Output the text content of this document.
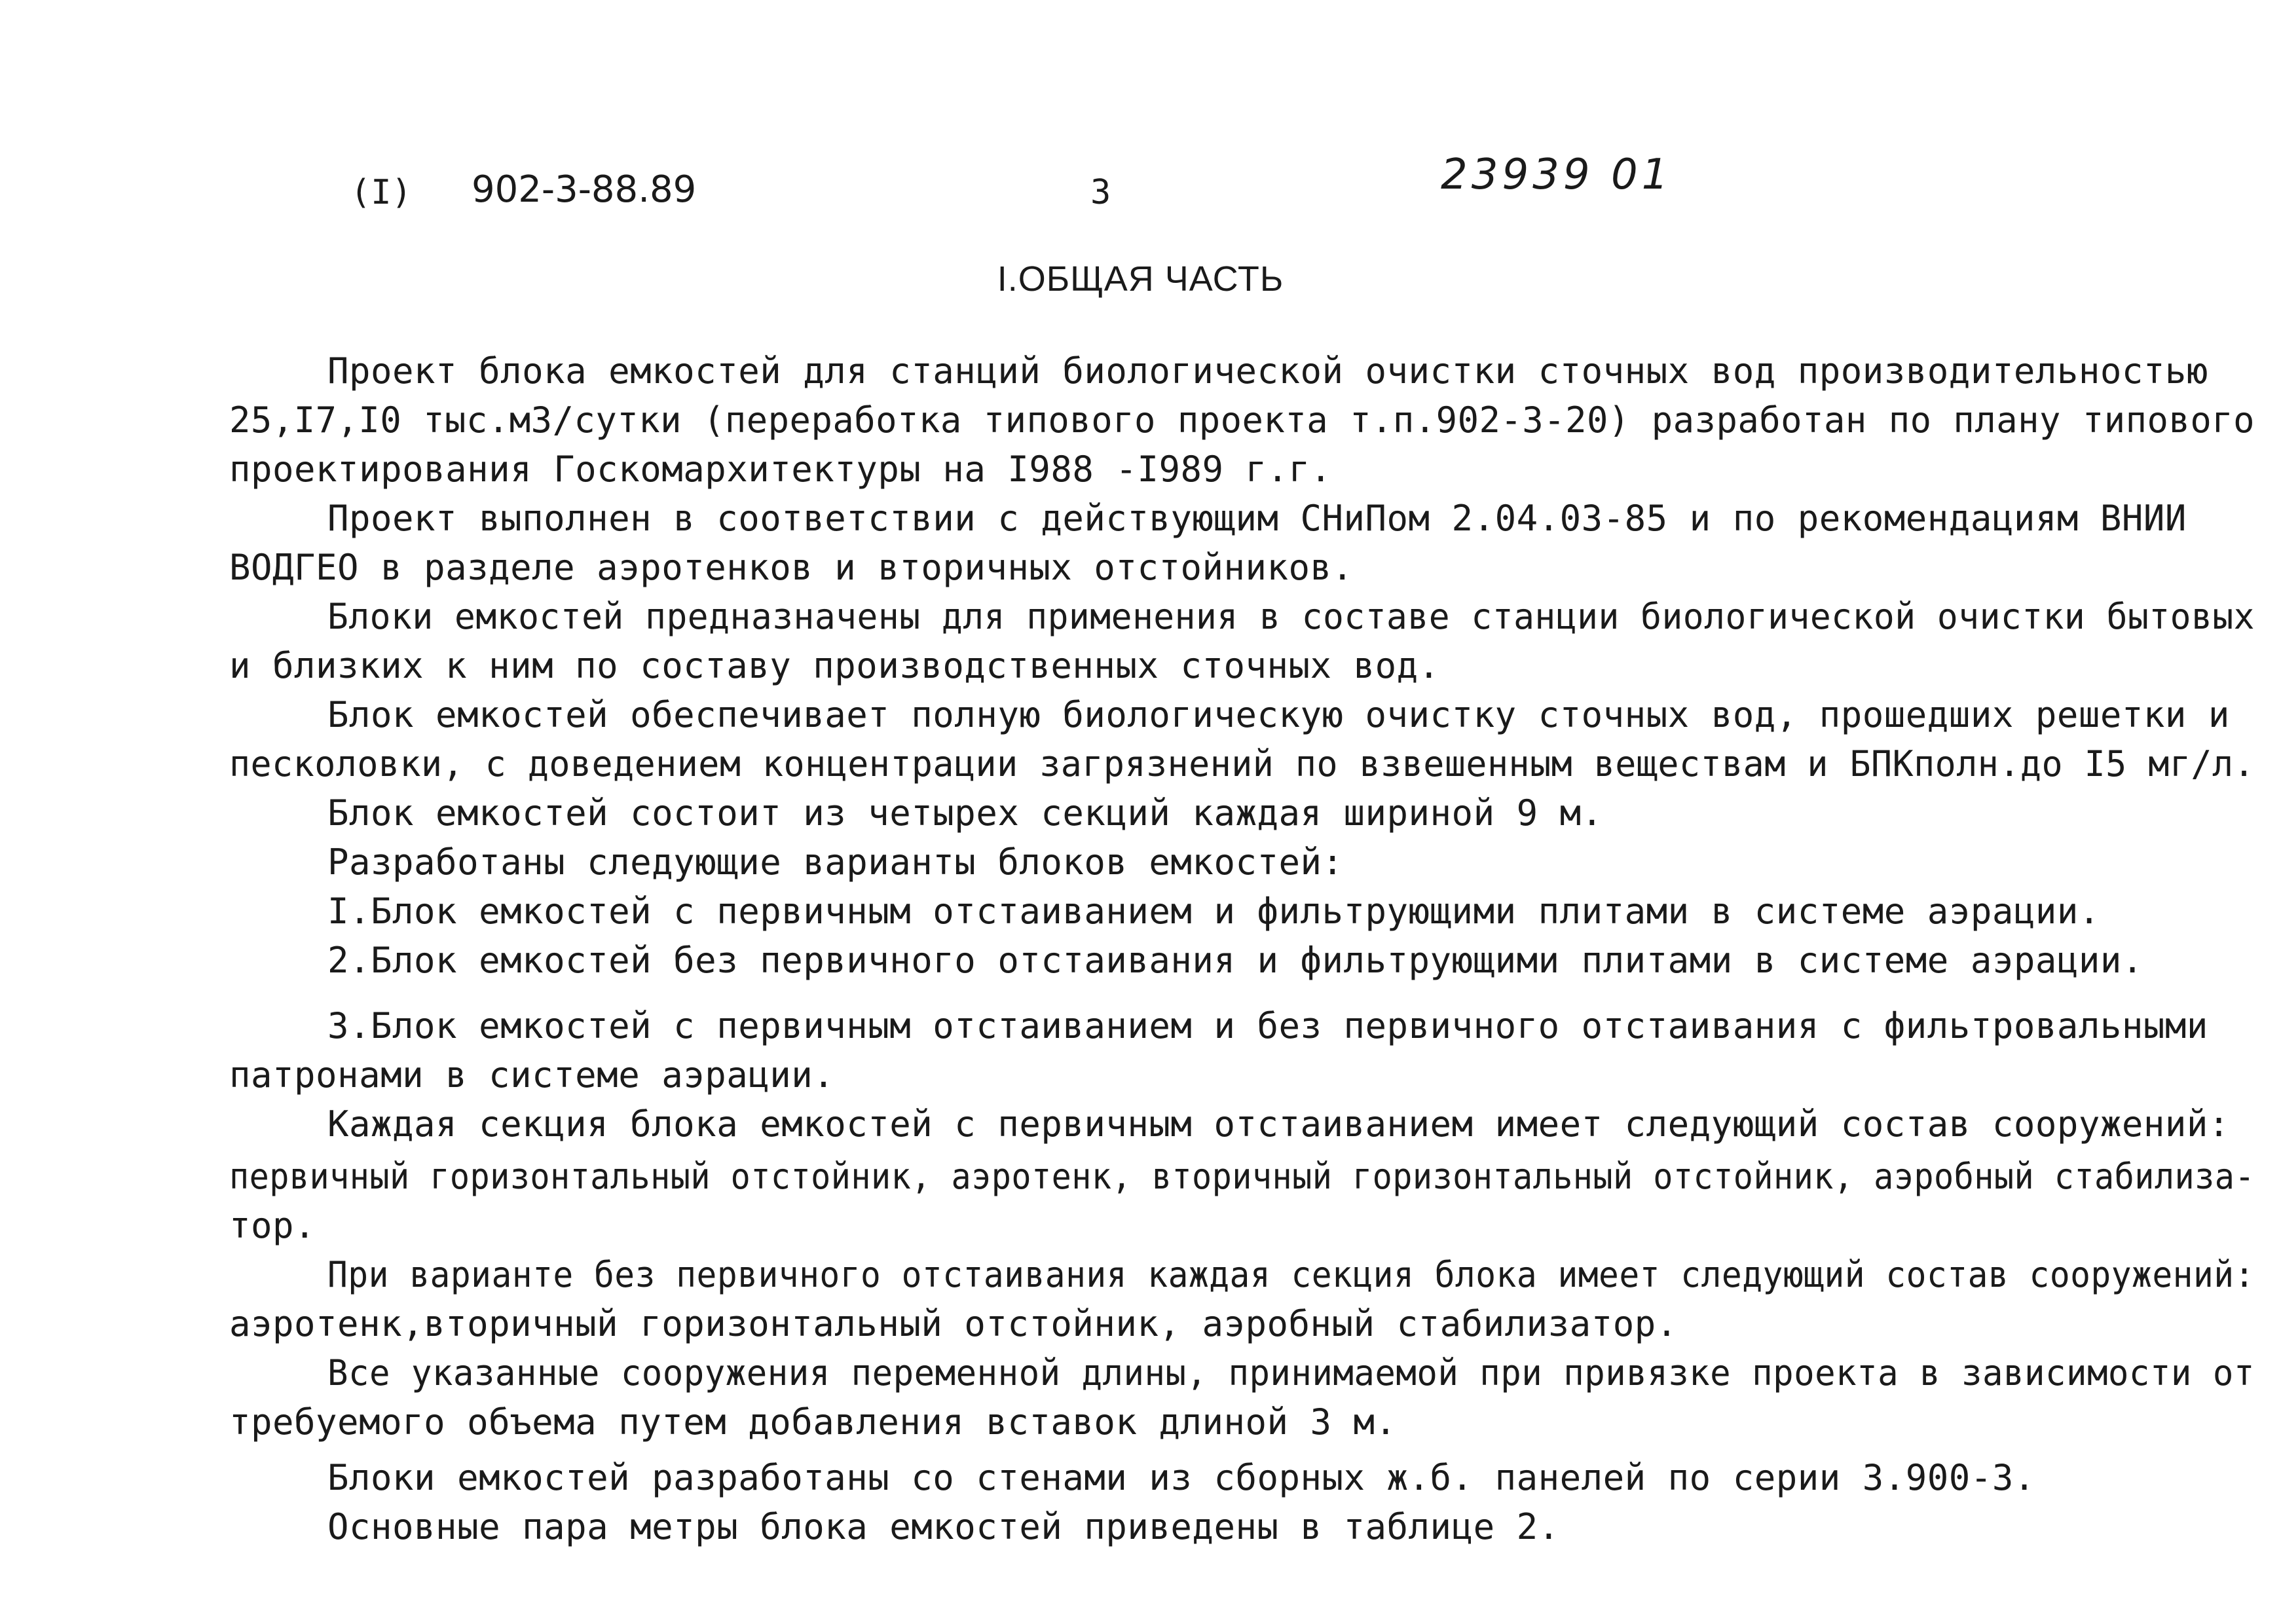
(I) 902-3-88.89	3	23939 01
I.ОБЩАЯ ЧАСТЬ
Проект блока емкостей для станций биологической очистки сточных вод производительностью
25,I7,I0 тыс.м3/сутки (переработка типового проекта т.п.902-3-20) разработан по плану типового
проектирования Госкомархитектуры на I988 -I989 г.г.
Проект выполнен в соответствии с действующим СНиПом 2.04.03-85 и по рекомендациям ВНИИ
ВОДГЕО в разделе аэротенков и вторичных отстойников.
Блоки емкостей предназначены для применения в составе станции биологической очистки бытовых
и близких к ним по составу производственных сточных вод.
Блок емкостей обеспечивает полную биологическую очистку сточных вод, прошедших решетки и
песколовки, с доведением концентрации загрязнений по взвешенным веществам и БПКполн.до I5 мг/л.
Блок емкостей состоит из четырех секций каждая шириной 9 м.
Разработаны следующие варианты блоков емкостей:
I.Блок емкостей с первичным отстаиванием и фильтрующими плитами в системе аэрации.
2.Блок емкостей без первичного отстаивания и фильтрующими плитами в системе аэрации.
3.Блок емкостей с первичным отстаиванием и без первичного отстаивания с фильтровальными
патронами в системе аэрации.
Каждая секция блока емкостей с первичным отстаиванием имеет следующий состав сооружений:
первичный горизонтальный отстойник, аэротенк, вторичный горизонтальный отстойник, аэробный стабилиза-
тор.
При варианте без первичного отстаивания каждая секция блока имеет следующий состав сооружений:
аэротенк,вторичный горизонтальный отстойник, аэробный стабилизатор.
Все указанные сооружения переменной длины, принимаемой при привязке проекта в зависимости от
требуемого объема путем добавления вставок длиной 3 м.
Блоки емкостей разработаны со стенами из сборных ж.б. панелей по серии 3.900-3.
Основные пара метры блока емкостей приведены в таблице 2.
